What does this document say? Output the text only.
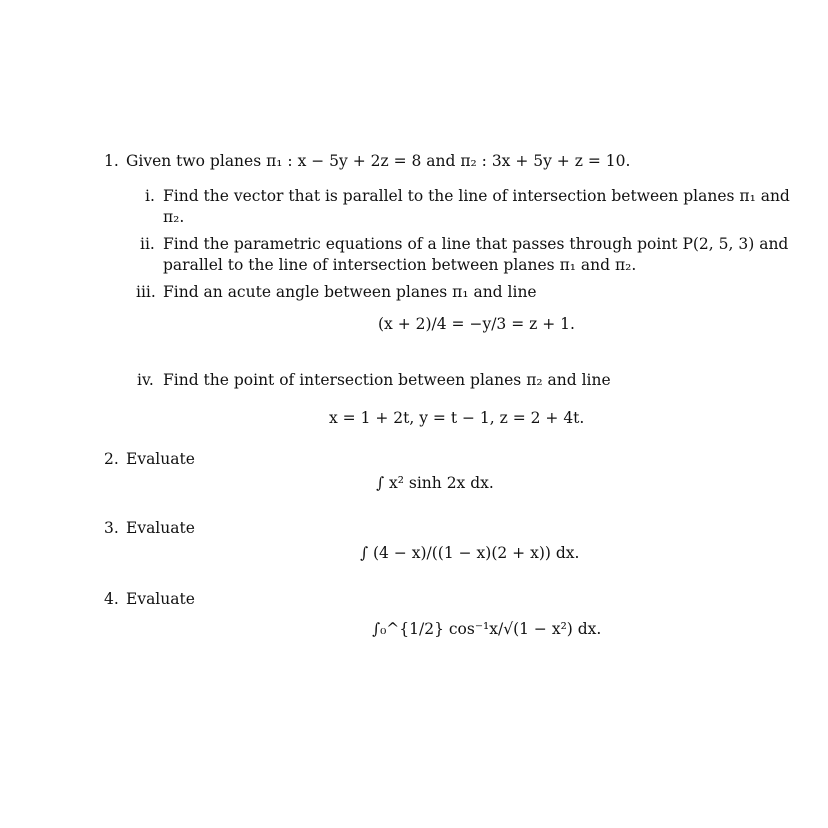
1. Given two planes π₁ : x − 5y + 2z = 8 and π₂ : 3x + 5y + z = 10.
i. Find the vector that is parallel to the line of intersection between planes π₁ and
π₂.
ii. Find the parametric equations of a line that passes through point P(2, 5, 3) and
parallel to the line of intersection between planes π₁ and π₂.
iii. Find an acute angle between planes π₁ and line
(x + 2)/4 = −y/3 = z + 1.
iv. Find the point of intersection between planes π₂ and line
x = 1 + 2t, y = t − 1, z = 2 + 4t.
2. Evaluate
∫ x² sinh 2x dx.
3. Evaluate
∫ (4 − x)/((1 − x)(2 + x)) dx.
4. Evaluate
∫₀^{1/2} cos⁻¹x/√(1 − x²) dx.
